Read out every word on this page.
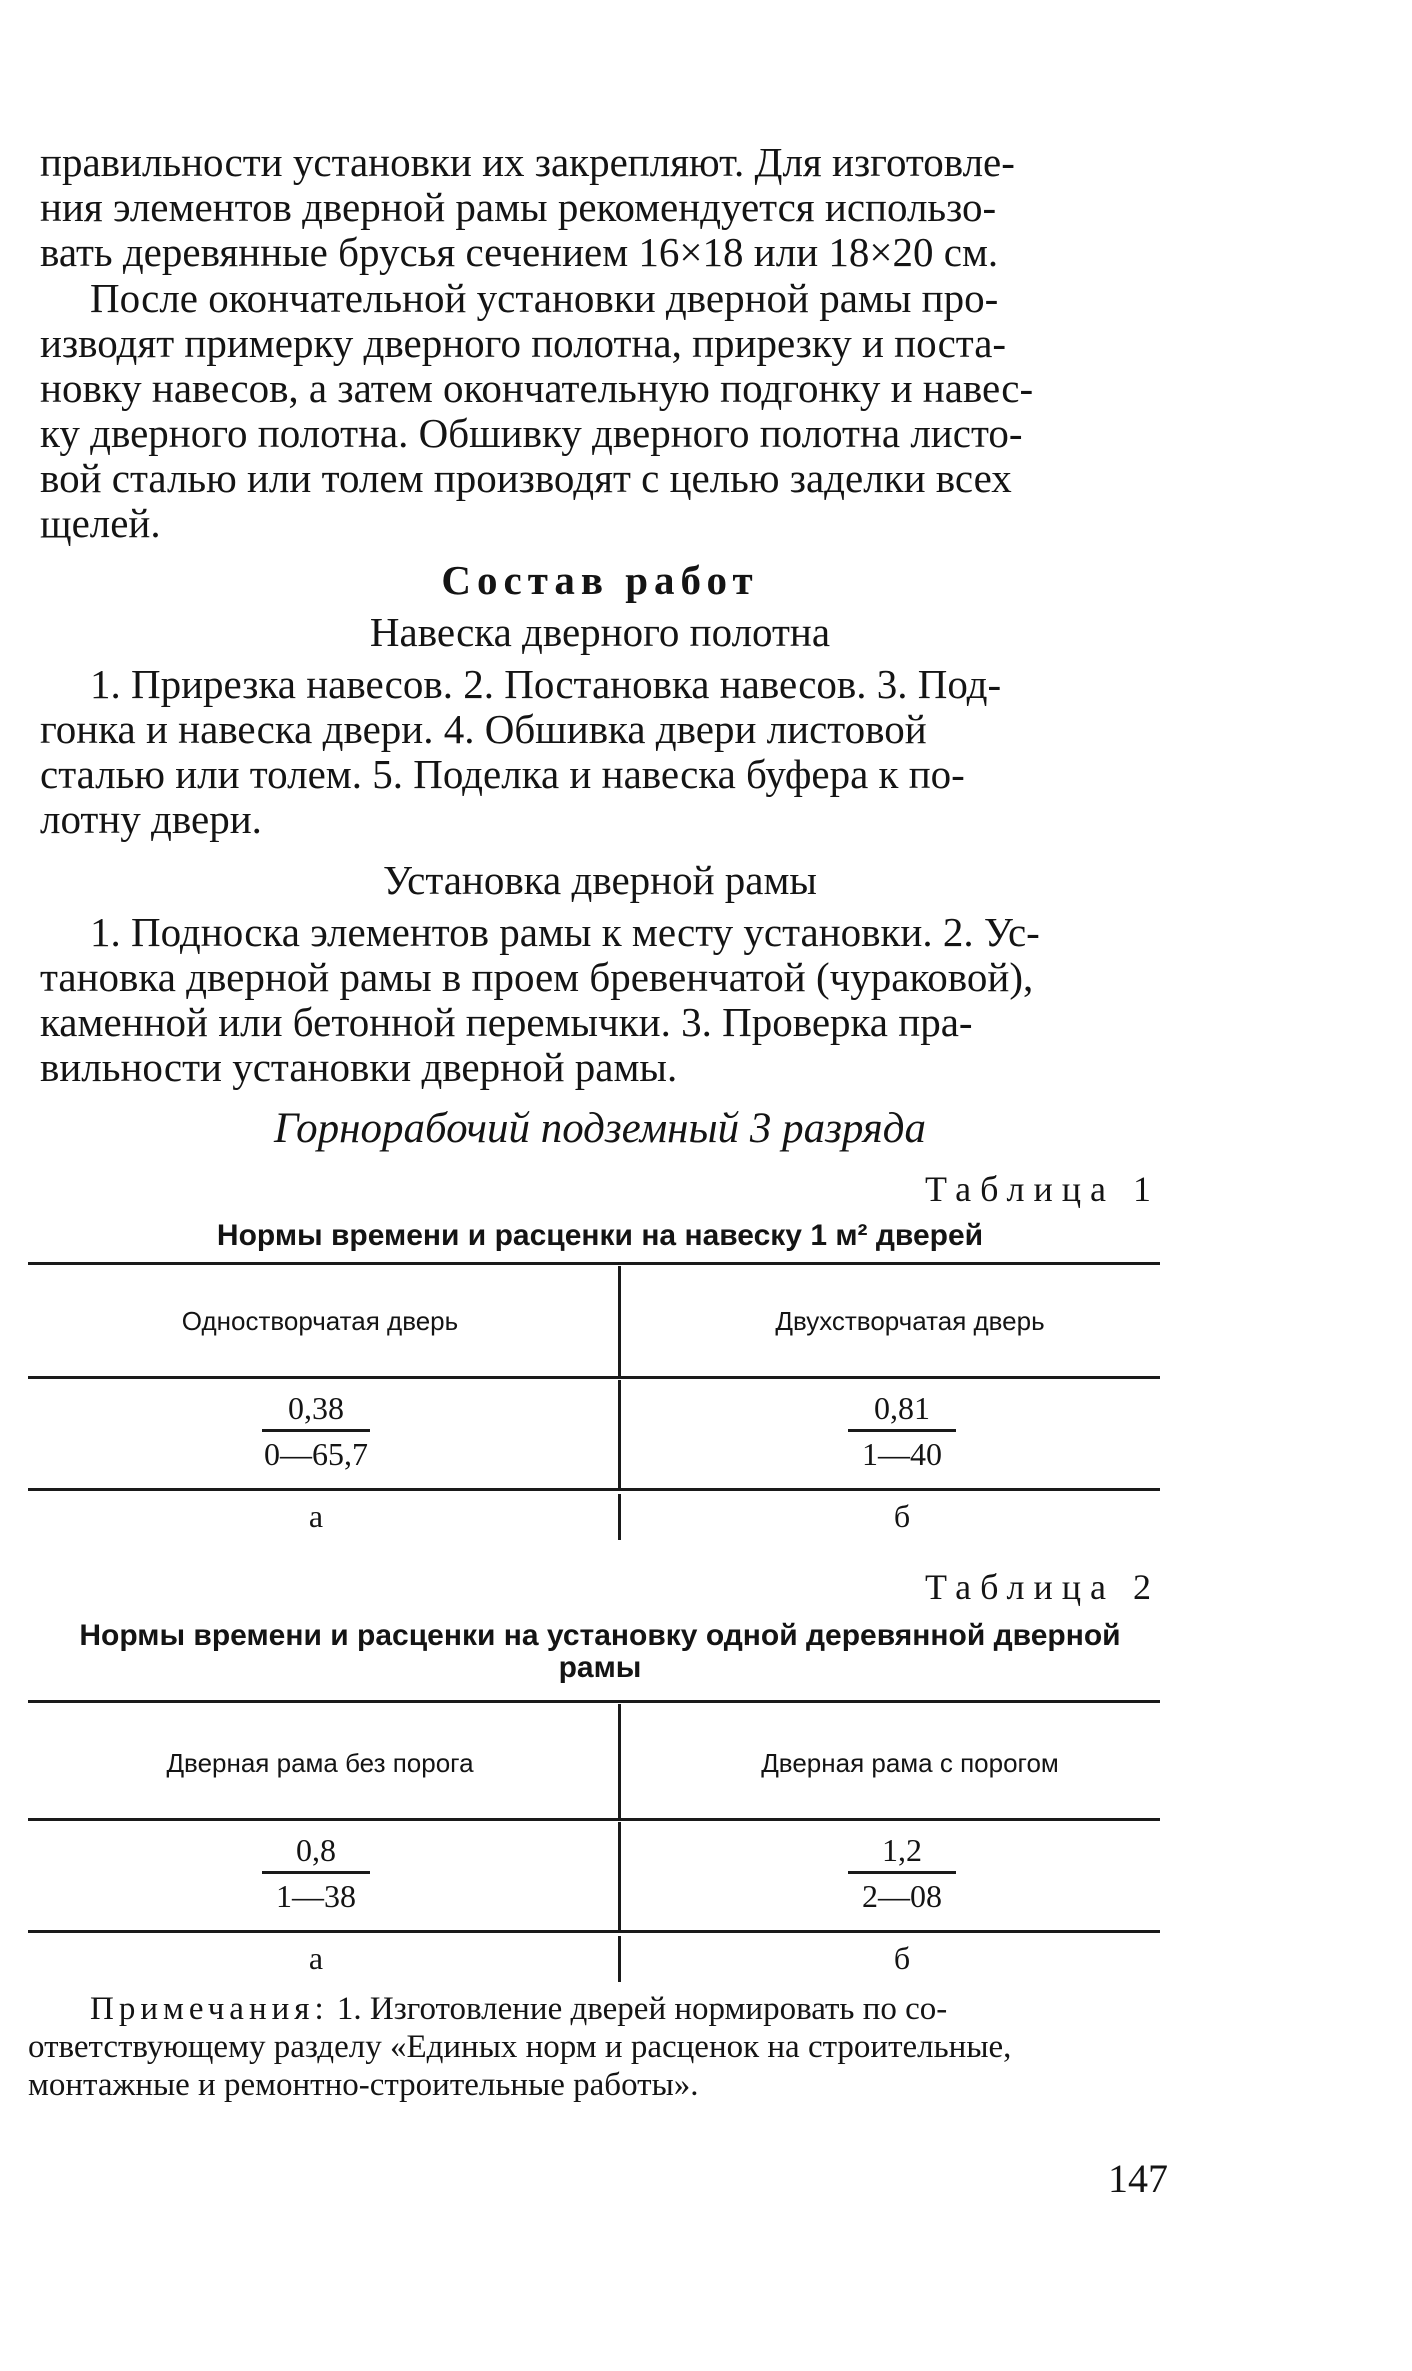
правильности установки их закрепляют. Для изготовле-
ния элементов дверной рамы рекомендуется использо-
вать деревянные брусья сечением 16×18 или 18×20 см.
После окончательной установки дверной рамы про-
изводят примерку дверного полотна, прирезку и поста-
новку навесов, а затем окончательную подгонку и навес-
ку дверного полотна. Обшивку дверного полотна листо-
вой сталью или толем производят с целью заделки всех
щелей.
Состав работ
Навеска дверного полотна
1. Прирезка навесов. 2. Постановка навесов. 3. Под-
гонка и навеска двери. 4. Обшивка двери листовой
сталью или толем. 5. Поделка и навеска буфера к по-
лотну двери.
Установка дверной рамы
1. Подноска элементов рамы к месту установки. 2. Ус-
тановка дверной рамы в проем бревенчатой (чураковой),
каменной или бетонной перемычки. 3. Проверка пра-
вильности установки дверной рамы.
Горнорабочий подземный 3 разряда
Таблица 1
Нормы времени и расценки на навеску 1 м² дверей
Одностворчатая дверь	Двухстворчатая дверь
$\frac{0,38}{0—65,7}$	$\frac{0,81}{1—40}$
а	б
Таблица 2
Нормы времени и расценки на установку одной деревянной дверной
рамы
Дверная рама без порога	Дверная рама с порогом
$\frac{0,8}{1—38}$	$\frac{1,2}{2—08}$
а	б
Примечания: 1. Изготовление дверей нормировать по со-
ответствующему разделу «Единых норм и расценок на строительные,
монтажные и ремонтно-строительные работы».
147
